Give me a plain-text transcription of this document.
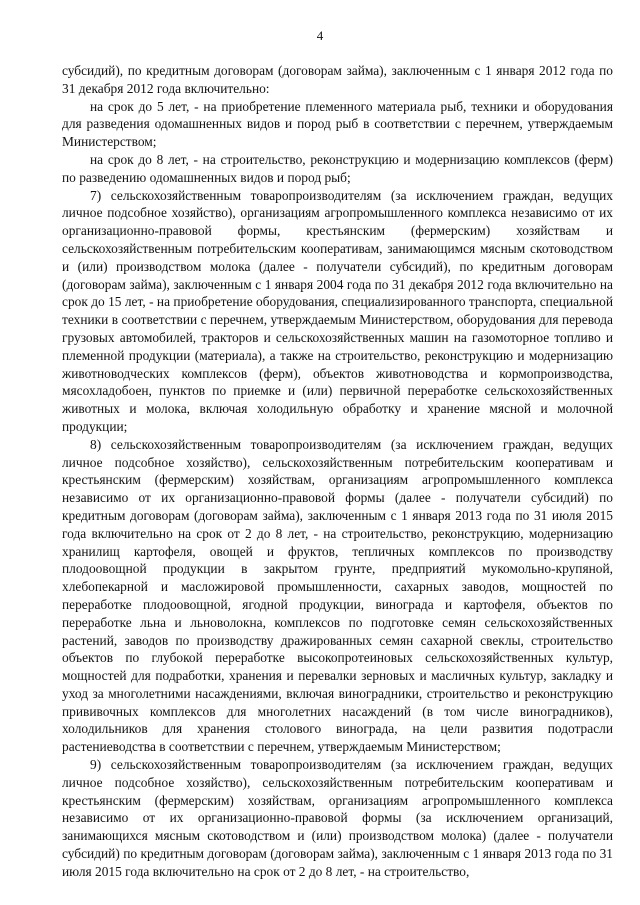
4

субсидий), по кредитным договорам (договорам займа), заключенным с 1 января 2012 года по 31 декабря 2012 года включительно:

на срок до 5 лет, - на приобретение племенного материала рыб, техники и оборудования для разведения одомашненных видов и пород рыб в соответствии с перечнем, утверждаемым Министерством;

на срок до 8 лет, - на строительство, реконструкцию и модернизацию комплексов (ферм) по разведению одомашненных видов и пород рыб;

7) сельскохозяйственным товаропроизводителям (за исключением граждан, ведущих личное подсобное хозяйство), организациям агропромышленного комплекса независимо от их организационно-правовой формы, крестьянским (фермерским) хозяйствам и сельскохозяйственным потребительским кооперативам, занимающимся мясным скотоводством и (или) производством молока (далее - получатели субсидий), по кредитным договорам (договорам займа), заключенным с 1 января 2004 года по 31 декабря 2012 года включительно на срок до 15 лет, - на приобретение оборудования, специализированного транспорта, специальной техники в соответствии с перечнем, утверждаемым Министерством, оборудования для перевода грузовых автомобилей, тракторов и сельскохозяйственных машин на газомоторное топливо и племенной продукции (материала), а также на строительство, реконструкцию и модернизацию животноводческих комплексов (ферм), объектов животноводства и кормопроизводства, мясохладобоен, пунктов по приемке и (или) первичной переработке сельскохозяйственных животных и молока, включая холодильную обработку и хранение мясной и молочной продукции;

8) сельскохозяйственным товаропроизводителям (за исключением граждан, ведущих личное подсобное хозяйство), сельскохозяйственным потребительским кооперативам и крестьянским (фермерским) хозяйствам, организациям агропромышленного комплекса независимо от их организационно-правовой формы (далее - получатели субсидий) по кредитным договорам (договорам займа), заключенным с 1 января 2013 года по 31 июля 2015 года включительно на срок от 2 до 8 лет, - на строительство, реконструкцию, модернизацию хранилищ картофеля, овощей и фруктов, тепличных комплексов по производству плодоовощной продукции в закрытом грунте, предприятий мукомольно-крупяной, хлебопекарной и масложировой промышленности, сахарных заводов, мощностей по переработке плодоовощной, ягодной продукции, винограда и картофеля, объектов по переработке льна и льноволокна, комплексов по подготовке семян сельскохозяйственных растений, заводов по производству дражированных семян сахарной свеклы, строительство объектов по глубокой переработке высокопротеиновых сельскохозяйственных культур, мощностей для подработки, хранения и перевалки зерновых и масличных культур, закладку и уход за многолетними насаждениями, включая виноградники, строительство и реконструкцию прививочных комплексов для многолетних насаждений (в том числе виноградников), холодильников для хранения столового винограда, на цели развития подотрасли растениеводства в соответствии с перечнем, утверждаемым Министерством;

9) сельскохозяйственным товаропроизводителям (за исключением граждан, ведущих личное подсобное хозяйство), сельскохозяйственным потребительским кооперативам и крестьянским (фермерским) хозяйствам, организациям агропромышленного комплекса независимо от их организационно-правовой формы (за исключением организаций, занимающихся мясным скотоводством и (или) производством молока) (далее - получатели субсидий) по кредитным договорам (договорам займа), заключенным с 1 января 2013 года по 31 июля 2015 года включительно на срок от 2 до 8 лет, - на строительство,
